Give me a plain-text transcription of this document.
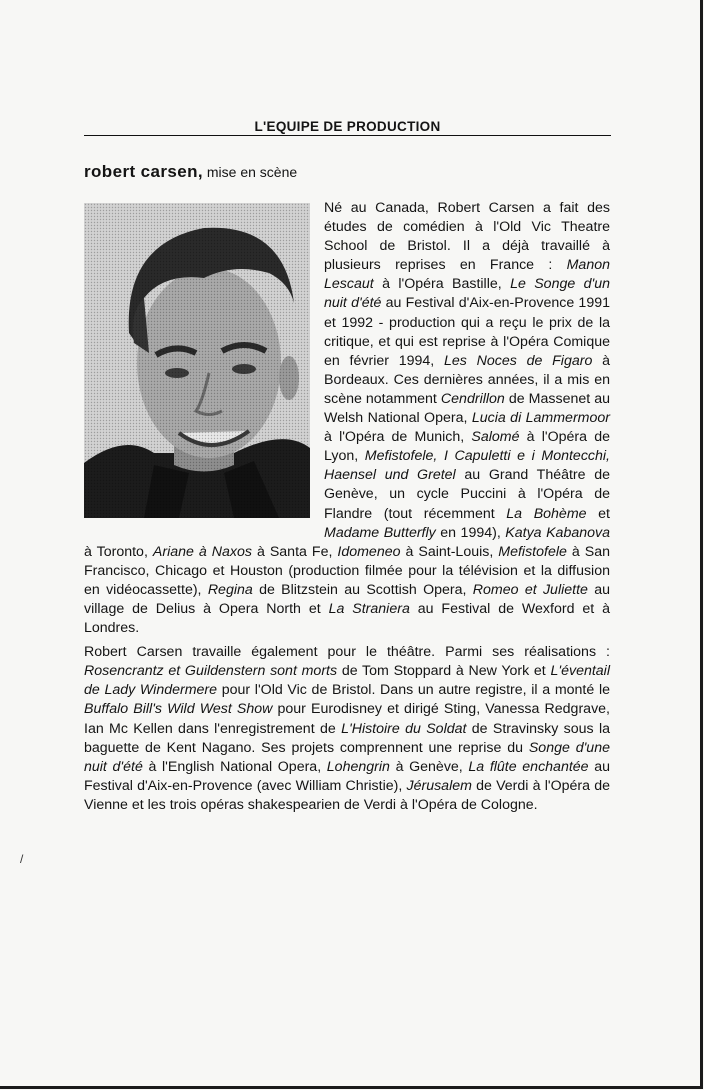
L'EQUIPE DE PRODUCTION
robert carsen, mise en scène

Né au Canada, Robert Carsen a fait des études de comédien à l'Old Vic Theatre School de Bristol. Il a déjà travaillé à plusieurs reprises en France : Manon Lescaut à l'Opéra Bastille, Le Songe d'un nuit d'été au Festival d'Aix-en-Provence 1991 et 1992 - production qui a reçu le prix de la critique, et qui est reprise à l'Opéra Comique en février 1994, Les Noces de Figaro à Bordeaux. Ces dernières années, il a mis en scène notamment Cendrillon de Massenet au Welsh National Opera, Lucia di Lammermoor à l'Opéra de Munich, Salomé à l'Opéra de Lyon, Mefistofele, I Capuletti e i Montecchi, Haensel und Gretel au Grand Théâtre de Genève, un cycle Puccini à l'Opéra de Flandre (tout récemment La Bohème et Madame Butterfly en 1994), Katya Kabanova à Toronto, Ariane à Naxos à Santa Fe, Idomeneo à Saint-Louis, Mefistofele à San Francisco, Chicago et Houston (production filmée pour la télévision et la diffusion en vidéocassette), Regina de Blitzstein au Scottish Opera, Romeo et Juliette au village de Delius à Opera North et La Straniera au Festival de Wexford et à Londres.

Robert Carsen travaille également pour le théâtre. Parmi ses réalisations : Rosencrantz et Guildenstern sont morts de Tom Stoppard à New York et L'éventail de Lady Windermere pour l'Old Vic de Bristol. Dans un autre registre, il a monté le Buffalo Bill's Wild West Show pour Eurodisney et dirigé Sting, Vanessa Redgrave, Ian Mc Kellen dans l'enregistrement de L'Histoire du Soldat de Stravinsky sous la baguette de Kent Nagano. Ses projets comprennent une reprise du Songe d'une nuit d'été à l'English National Opera, Lohengrin à Genève, La flûte enchantée au Festival d'Aix-en-Provence (avec William Christie), Jérusalem de Verdi à l'Opéra de Vienne et les trois opéras shakespearien de Verdi à l'Opéra de Cologne.

/
